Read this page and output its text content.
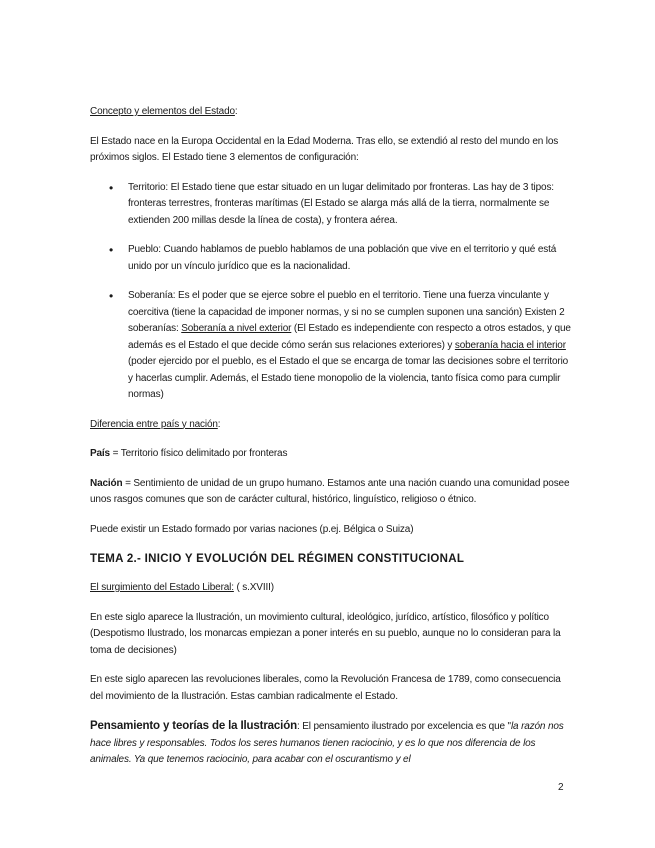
Concepto y elementos del Estado:

El Estado nace en la Europa Occidental en la Edad Moderna. Tras ello, se extendió al resto del mundo en los próximos siglos. El Estado tiene 3 elementos de configuración:

• Territorio: El Estado tiene que estar situado en un lugar delimitado por fronteras. Las hay de 3 tipos: fronteras terrestres, fronteras marítimas (El Estado se alarga más allá de la tierra, normalmente se extienden 200 millas desde la línea de costa), y frontera aérea.
• Pueblo: Cuando hablamos de pueblo hablamos de una población que vive en el territorio y qué está unido por un vínculo jurídico que es la nacionalidad.
• Soberanía: Es el poder que se ejerce sobre el pueblo en el territorio. Tiene una fuerza vinculante y coercitiva (tiene la capacidad de imponer normas, y si no se cumplen suponen una sanción) Existen 2 soberanías: Soberanía a nivel exterior (El Estado es independiente con respecto a otros estados, y que además es el Estado el que decide cómo serán sus relaciones exteriores) y soberanía hacia el interior (poder ejercido por el pueblo, es el Estado el que se encarga de tomar las decisiones sobre el territorio y hacerlas cumplir. Además, el Estado tiene monopolio de la violencia, tanto física como para cumplir normas)

Diferencia entre país y nación:

País = Territorio físico delimitado por fronteras

Nación = Sentimiento de unidad de un grupo humano. Estamos ante una nación cuando una comunidad posee unos rasgos comunes que son de carácter cultural, histórico, linguístico, religioso o étnico.

Puede existir un Estado formado por varias naciones (p.ej. Bélgica o Suiza)

TEMA 2.- INICIO Y EVOLUCIÓN DEL RÉGIMEN CONSTITUCIONAL

El surgimiento del Estado Liberal: ( s.XVIII)

En este siglo aparece la Ilustración, un movimiento cultural, ideológico, jurídico, artístico, filosófico y político (Despotismo Ilustrado, los monarcas empiezan a poner interés en su pueblo, aunque no lo consideran para la toma de decisiones)

En este siglo aparecen las revoluciones liberales, como la Revolución Francesa de 1789, como consecuencia del movimiento de la Ilustración. Estas cambian radicalmente el Estado.

Pensamiento y teorías de la Ilustración: El pensamiento ilustrado por excelencia es que "la razón nos hace libres y responsables. Todos los seres humanos tienen raciocinio, y es lo que nos diferencia de los animales. Ya que tenemos raciocinio, para acabar con el oscurantismo y el

2
